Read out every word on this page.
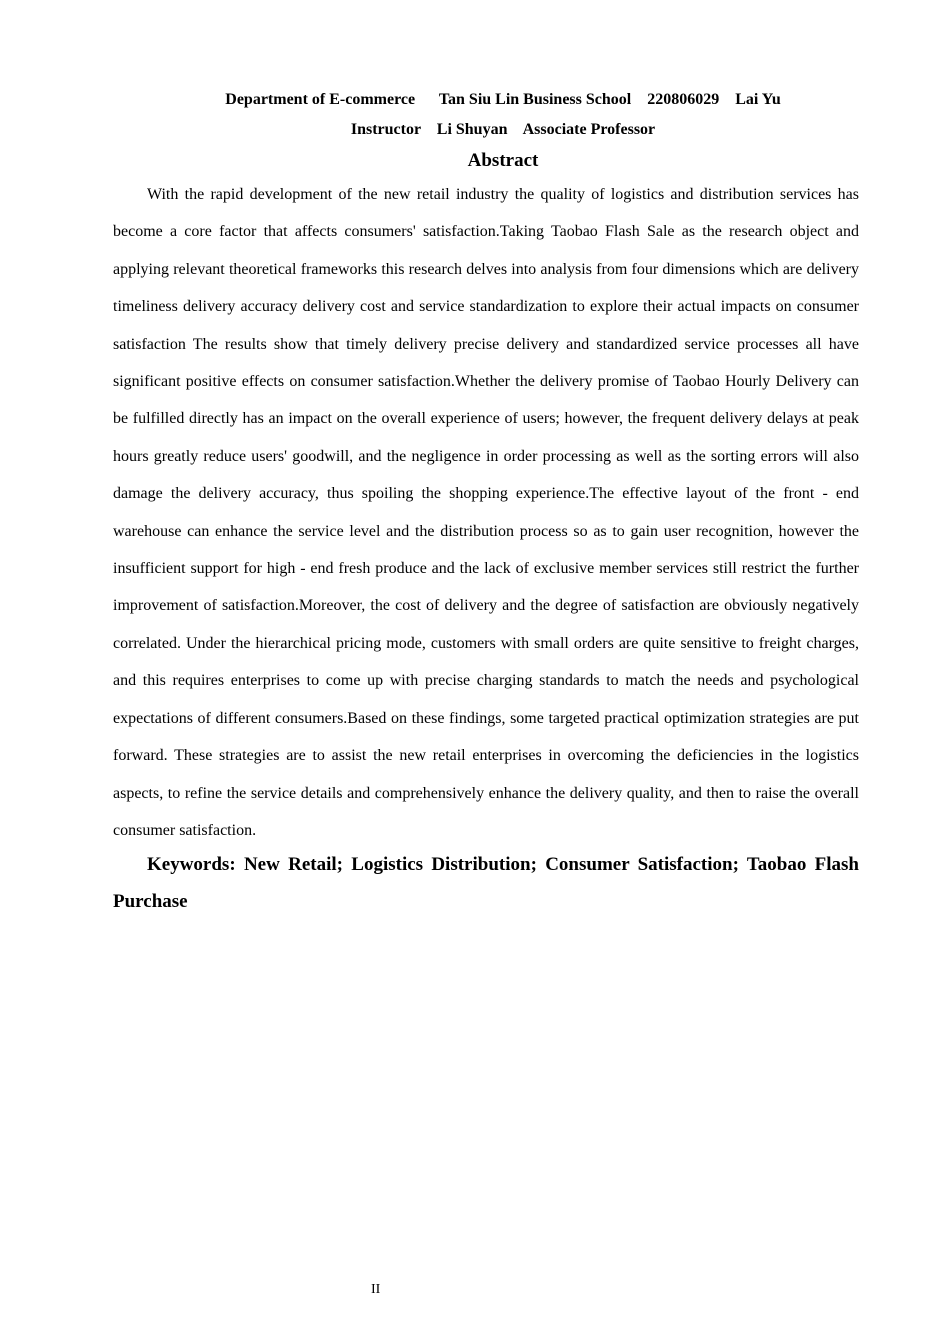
Department of E-commerce      Tan Siu Lin Business School    220806029    Lai Yu
Instructor    Li Shuyan    Associate Professor
Abstract

With the rapid development of the new retail industry the quality of logistics and distribution services has become a core factor that affects consumers' satisfaction.Taking Taobao Flash Sale as the research object and applying relevant theoretical frameworks this research delves into analysis from four dimensions which are delivery timeliness delivery accuracy delivery cost and service standardization to explore their actual impacts on consumer satisfaction The results show that timely delivery precise delivery and standardized service processes all have significant positive effects on consumer satisfaction.Whether the delivery promise of Taobao Hourly Delivery can be fulfilled directly has an impact on the overall experience of users; however, the frequent delivery delays at peak hours greatly reduce users' goodwill, and the negligence in order processing as well as the sorting errors will also damage the delivery accuracy, thus spoiling the shopping experience.The effective layout of the front - end warehouse can enhance the service level and the distribution process so as to gain user recognition, however the insufficient support for high - end fresh produce and the lack of exclusive member services still restrict the further improvement of satisfaction.Moreover, the cost of delivery and the degree of satisfaction are obviously negatively correlated. Under the hierarchical pricing mode, customers with small orders are quite sensitive to freight charges, and this requires enterprises to come up with precise charging standards to match the needs and psychological expectations of different consumers.Based on these findings, some targeted practical optimization strategies are put forward. These strategies are to assist the new retail enterprises in overcoming the deficiencies in the logistics aspects, to refine the service details and comprehensively enhance the delivery quality, and then to raise the overall consumer satisfaction.

Keywords: New Retail; Logistics Distribution; Consumer Satisfaction; Taobao Flash Purchase

II
